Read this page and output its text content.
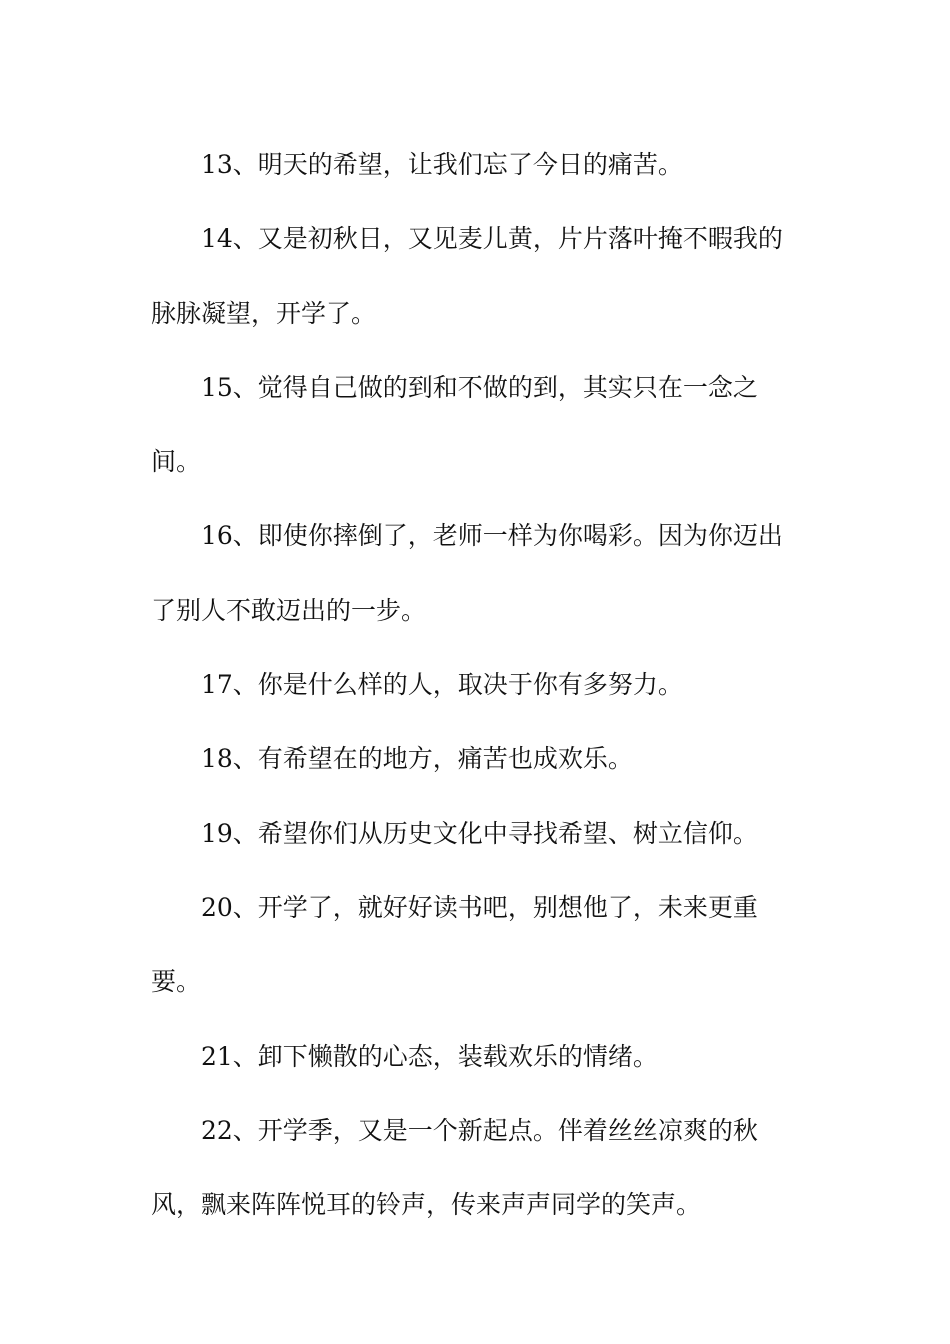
13、明天的希望，让我们忘了今日的痛苦。

14、又是初秋日，又见麦儿黄，片片落叶掩不暇我的脉脉凝望，开学了。

15、觉得自己做的到和不做的到，其实只在一念之间。

16、即使你摔倒了，老师一样为你喝彩。因为你迈出了别人不敢迈出的一步。

17、你是什么样的人，取决于你有多努力。

18、有希望在的地方，痛苦也成欢乐。

19、希望你们从历史文化中寻找希望、树立信仰。

20、开学了，就好好读书吧，别想他了，未来更重要。

21、卸下懒散的心态，装载欢乐的情绪。

22、开学季，又是一个新起点。伴着丝丝凉爽的秋风，飘来阵阵悦耳的铃声，传来声声同学的笑声。
